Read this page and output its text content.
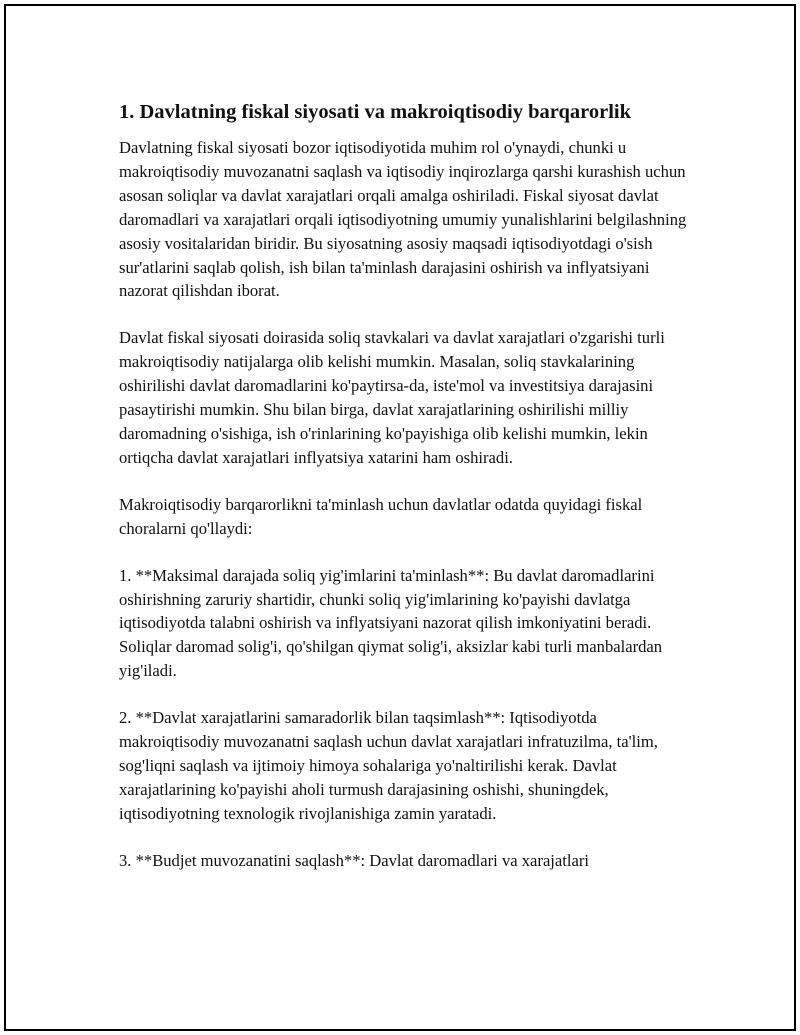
1. Davlatning fiskal siyosati va makroiqtisodiy barqarorlik

Davlatning fiskal siyosati bozor iqtisodiyotida muhim rol o'ynaydi, chunki u makroiqtisodiy muvozanatni saqlash va iqtisodiy inqirozlarga qarshi kurashish uchun asosan soliqlar va davlat xarajatlari orqali amalga oshiriladi. Fiskal siyosat davlat daromadlari va xarajatlari orqali iqtisodiyotning umumiy yunalishlarini belgilashning asosiy vositalaridan biridir. Bu siyosatning asosiy maqsadi iqtisodiyotdagi o'sish sur'atlarini saqlab qolish, ish bilan ta'minlash darajasini oshirish va inflyatsiyani nazorat qilishdan iborat.

Davlat fiskal siyosati doirasida soliq stavkalari va davlat xarajatlari o'zgarishi turli makroiqtisodiy natijalarga olib kelishi mumkin. Masalan, soliq stavkalarining oshirilishi davlat daromadlarini ko'paytirsa-da, iste'mol va investitsiya darajasini pasaytirishi mumkin. Shu bilan birga, davlat xarajatlarining oshirilishi milliy daromadning o'sishiga, ish o'rinlarining ko'payishiga olib kelishi mumkin, lekin ortiqcha davlat xarajatlari inflyatsiya xatarini ham oshiradi.

Makroiqtisodiy barqarorlikni ta'minlash uchun davlatlar odatda quyidagi fiskal choralarni qo'llaydi:

1. **Maksimal darajada soliq yig'imlarini ta'minlash**: Bu davlat daromadlarini oshirishning zaruriy shartidir, chunki soliq yig'imlarining ko'payishi davlatga iqtisodiyotda talabni oshirish va inflyatsiyani nazorat qilish imkoniyatini beradi. Soliqlar daromad solig'i, qo'shilgan qiymat solig'i, aksizlar kabi turli manbalardan yig'iladi.

2. **Davlat xarajatlarini samaradorlik bilan taqsimlash**: Iqtisodiyotda makroiqtisodiy muvozanatni saqlash uchun davlat xarajatlari infratuzilma, ta'lim, sog'liqni saqlash va ijtimoiy himoya sohalariga yo'naltirilishi kerak. Davlat xarajatlarining ko'payishi aholi turmush darajasining oshishi, shuningdek, iqtisodiyotning texnologik rivojlanishiga zamin yaratadi.

3. **Budjet muvozanatini saqlash**: Davlat daromadlari va xarajatlari
